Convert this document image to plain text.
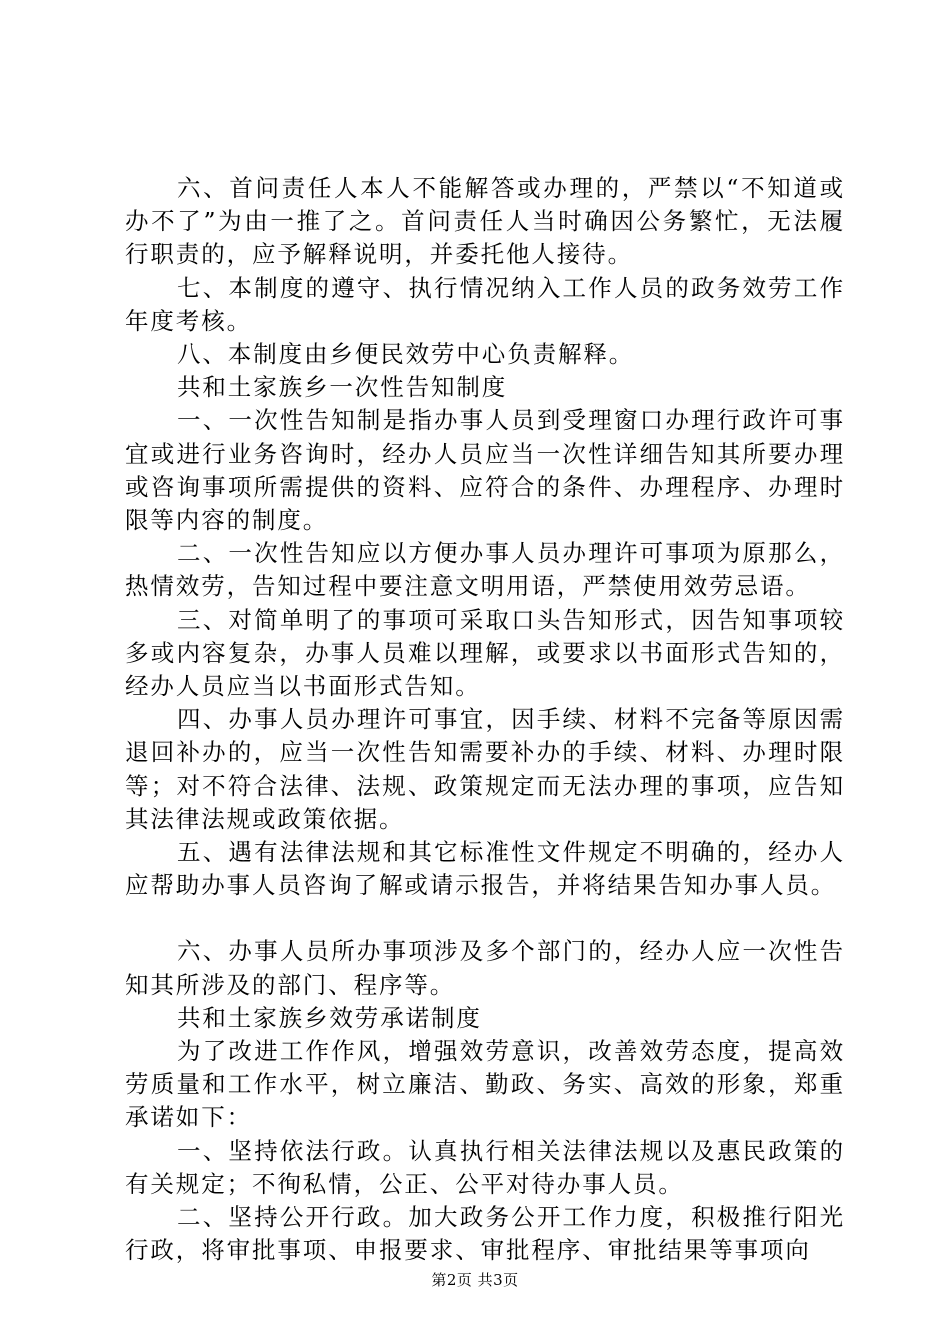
六、首问责任人本人不能解答或办理的，严禁以“不知道或办不了”为由一推了之。首问责任人当时确因公务繁忙，无法履行职责的，应予解释说明，并委托他人接待。

七、本制度的遵守、执行情况纳入工作人员的政务效劳工作年度考核。

八、本制度由乡便民效劳中心负责解释。

共和土家族乡一次性告知制度

一、一次性告知制是指办事人员到受理窗口办理行政许可事宜或进行业务咨询时，经办人员应当一次性详细告知其所要办理或咨询事项所需提供的资料、应符合的条件、办理程序、办理时限等内容的制度。

二、一次性告知应以方便办事人员办理许可事项为原那么，热情效劳，告知过程中要注意文明用语，严禁使用效劳忌语。

三、对简单明了的事项可采取口头告知形式，因告知事项较多或内容复杂，办事人员难以理解，或要求以书面形式告知的，经办人员应当以书面形式告知。

四、办事人员办理许可事宜，因手续、材料不完备等原因需退回补办的，应当一次性告知需要补办的手续、材料、办理时限等；对不符合法律、法规、政策规定而无法办理的事项，应告知其法律法规或政策依据。

五、遇有法律法规和其它标准性文件规定不明确的，经办人应帮助办事人员咨询了解或请示报告，并将结果告知办事人员。

六、办事人员所办事项涉及多个部门的，经办人应一次性告知其所涉及的部门、程序等。

共和土家族乡效劳承诺制度

为了改进工作作风，增强效劳意识，改善效劳态度，提高效劳质量和工作水平，树立廉洁、勤政、务实、高效的形象，郑重承诺如下：

一、坚持依法行政。认真执行相关法律法规以及惠民政策的有关规定；不徇私情，公正、公平对待办事人员。

二、坚持公开行政。加大政务公开工作力度，积极推行阳光行政，将审批事项、申报要求、审批程序、审批结果等事项向

第2页 共3页
